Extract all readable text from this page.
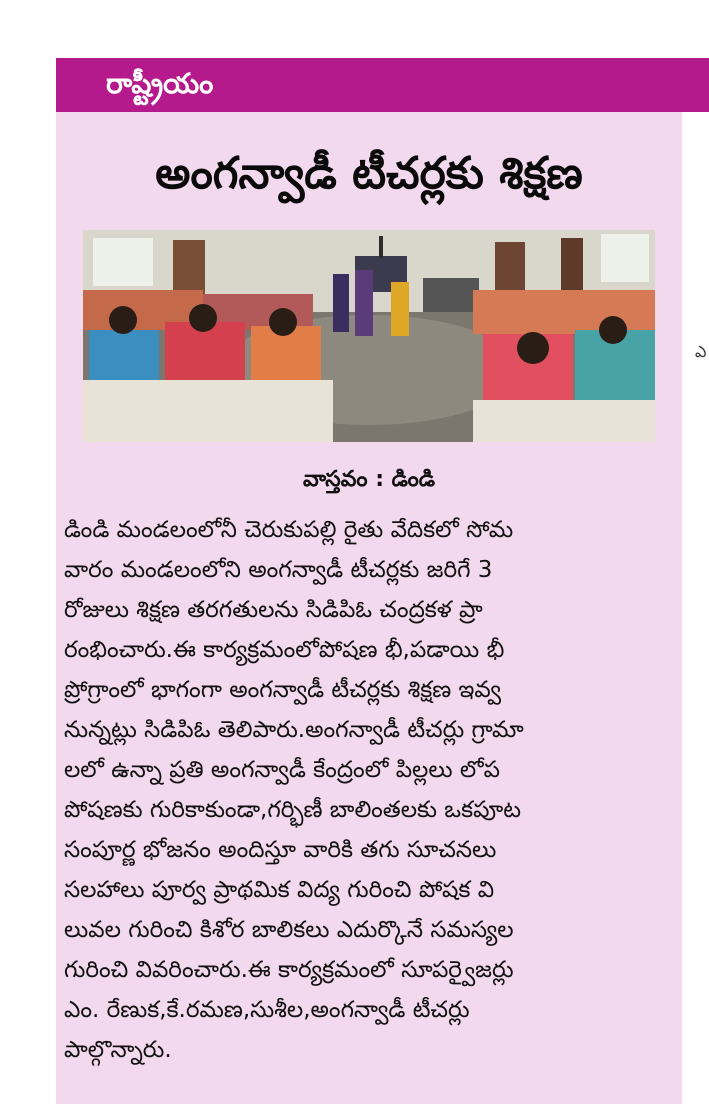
రాష్ట్రీయం
అంగన్వాడీ టీచర్లకు శిక్షణ
వాస్తవం : డిండి
డిండి మండలంలోనీ చెరుకుపల్లి రైతు వేదికలో సోమ
వారం మండలంలోని అంగన్వాడీ టీచర్లకు జరిగే 3
రోజులు శిక్షణ తరగతులను సిడిపిఓ చంద్రకళ ప్రా
రంభించారు.ఈ కార్యక్రమంలోపోషణ భీ,పడాయి భీ
ప్రోగ్రాంలో భాగంగా అంగన్వాడీ టీచర్లకు శిక్షణ ఇవ్వ
నున్నట్లు సిడిపిఓ తెలిపారు.అంగన్వాడీ టీచర్లు గ్రామా
లలో ఉన్నా ప్రతి అంగన్వాడీ కేంద్రంలో పిల్లలు లోప
పోషణకు గురికాకుండా,గర్భిణీ బాలింతలకు ఒకపూట
సంపూర్ణ భోజనం అందిస్తూ వారికి తగు సూచనలు
సలహాలు పూర్వ ప్రాథమిక విద్య గురించి పోషక వి
లువల గురించి కిశోర బాలికలు ఎదుర్కొనే సమస్యల
గురించి వివరించారు.ఈ కార్యక్రమంలో సూపర్వైజర్లు
ఎం. రేణుక,కే.రమణ,సుశీల,అంగన్వాడీ టీచర్లు
పాల్గొన్నారు.
ఎ
